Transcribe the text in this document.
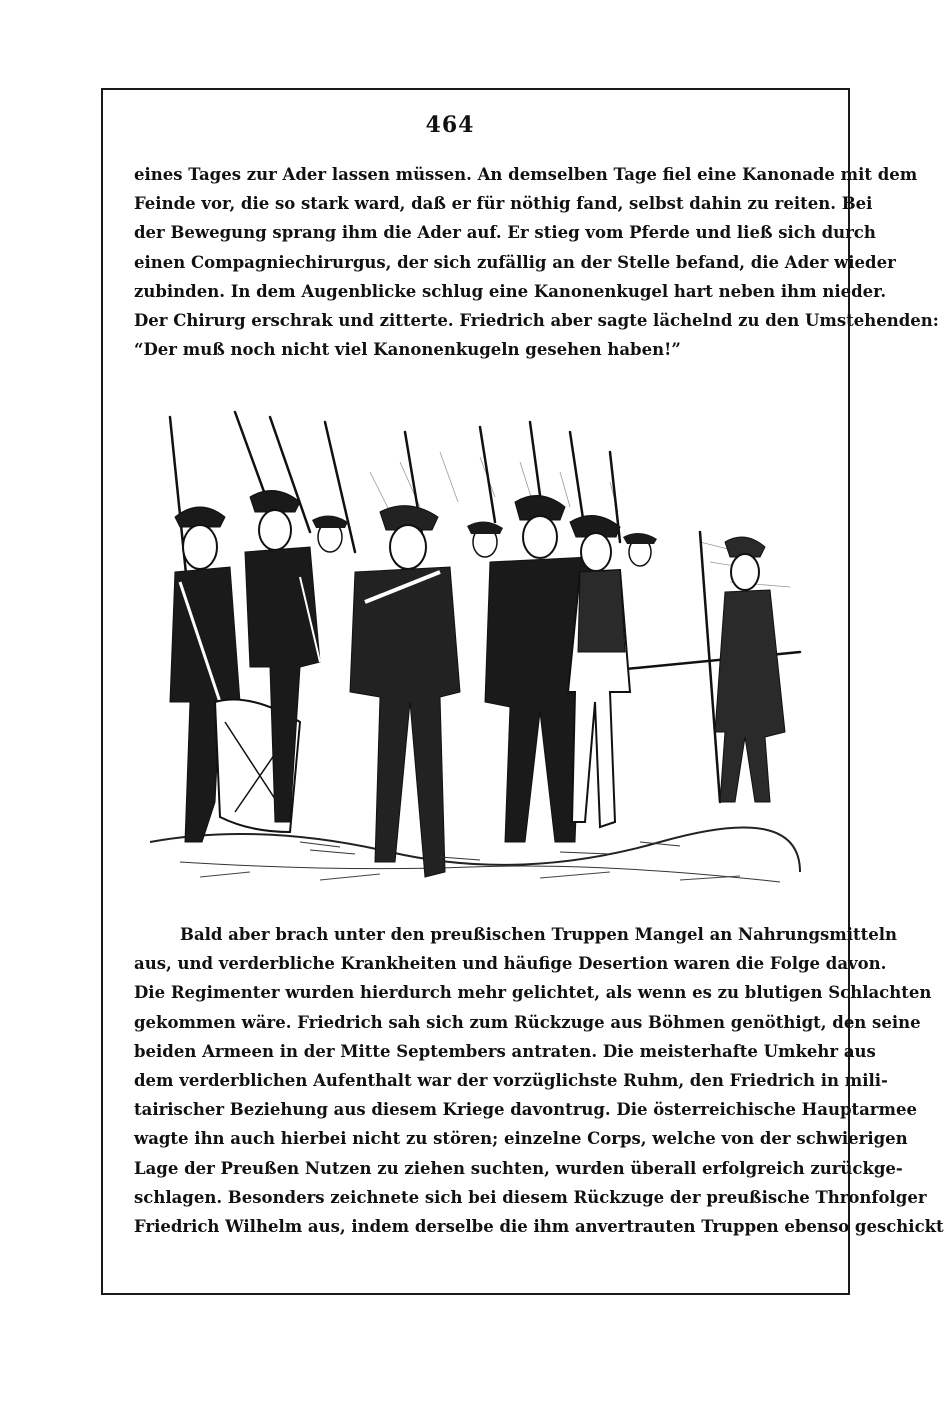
464

eines Tages zur Ader lassen müssen. An demselben Tage fiel eine Kanonade mit dem
Feinde vor, die so stark ward, daß er für nöthig fand, selbst dahin zu reiten. Bei
der Bewegung sprang ihm die Ader auf. Er stieg vom Pferde und ließ sich durch
einen Compagniechirurgus, der sich zufällig an der Stelle befand, die Ader wieder
zubinden. In dem Augenblicke schlug eine Kanonenkugel hart neben ihm nieder.
Der Chirurg erschrak und zitterte. Friedrich aber sagte lächelnd zu den Umstehenden:
“Der muß noch nicht viel Kanonenkugeln gesehen haben!”

Bald aber brach unter den preußischen Truppen Mangel an Nahrungsmitteln
aus, und verderbliche Krankheiten und häufige Desertion waren die Folge davon.
Die Regimenter wurden hierdurch mehr gelichtet, als wenn es zu blutigen Schlachten
gekommen wäre. Friedrich sah sich zum Rückzuge aus Böhmen genöthigt, den seine
beiden Armeen in der Mitte Septembers antraten. Die meisterhafte Umkehr aus
dem verderblichen Aufenthalt war der vorzüglichste Ruhm, den Friedrich in mili-
tairischer Beziehung aus diesem Kriege davontrug. Die österreichische Hauptarmee
wagte ihn auch hierbei nicht zu stören; einzelne Corps, welche von der schwierigen
Lage der Preußen Nutzen zu ziehen suchten, wurden überall erfolgreich zurückge-
schlagen. Besonders zeichnete sich bei diesem Rückzuge der preußische Thronfolger
Friedrich Wilhelm aus, indem derselbe die ihm anvertrauten Truppen ebenso geschickt
